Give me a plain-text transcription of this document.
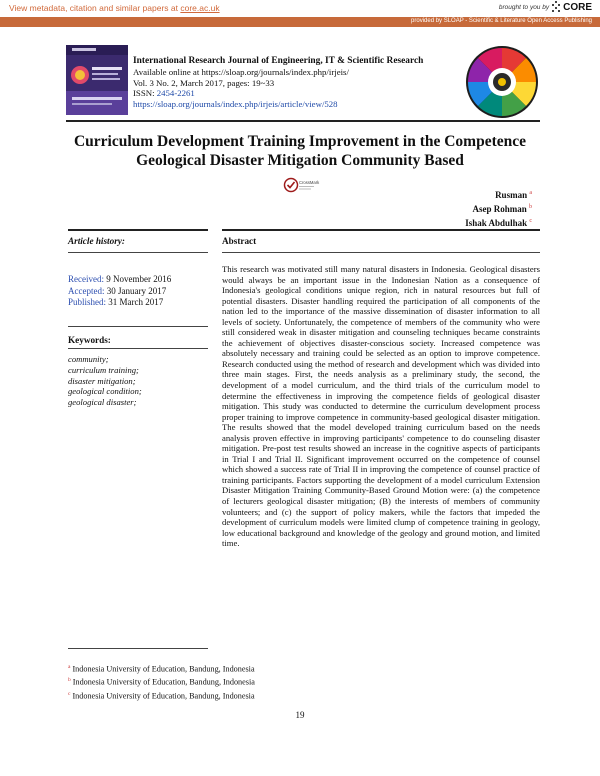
View metadata, citation and similar papers at core.ac.uk	brought to you by CORE
provided by SLOAP - Scientific & Literature Open Access Publishing
International Research Journal of Engineering, IT & Scientific Research
Available online at https://sloap.org/journals/index.php/irjeis/
Vol. 3 No. 2, March 2017, pages: 19~33
ISSN: 2454-2261
https://sloap.org/journals/index.php/irjeis/article/view/528
Curriculum Development Training Improvement in the Competence
Geological Disaster Mitigation Community Based
CrossMark
Rusman $^a$
Asep Rohman $^b$
Ishak Abdulhak $^c$
Article history:
Received: 9 November 2016
Accepted: 30 January 2017
Published: 31 March 2017
Keywords:
community;
curriculum training;
disaster mitigation;
geological condition;
geological disaster;
Abstract
This research was motivated still many natural disasters in Indonesia. Geological disasters would always be an important issue in the Indonesian Nation as a consequence of Indonesia's geological conditions unique region, rich in natural resources but full of potential disasters. Disaster handling required the participation of all components of the nation led to the importance of the massive dissemination of disaster information to all levels of society. Unfortunately, the competence of members of the community who were still considered weak in disaster mitigation and counseling techniques became constraints the achievement of objectives disaster-conscious society. Increased competence was absolutely necessary and training could be selected as an option to improve competence. Research conducted using the method of research and development which was divided into three main stages. First, the needs analysis as a preliminary study, the second, the development of a model curriculum, and the third trials of the curriculum model to determine the effectiveness in improving the competence fields of geological disaster mitigation. This study was conducted to determine the curriculum development process proper training to improve competence in community-based geological disaster mitigation. The results showed that the model developed training curriculum based on the needs analysis proven effective in improving participants' competence to do counseling disaster mitigation. Pre-post test results showed an increase in the cognitive aspects of participants in Trial I and Trial II. Significant improvement occurred on the competence of counsel which showed a success rate of Trial II in improving the competence of counsel practice of training participants. Factors supporting the development of a model curriculum Extension Disaster Mitigation Training Community-Based Ground Motion were: (a) the competence of lecturers geological disaster mitigation; (B) the interests of members of community volunteers; and (c) the support of policy makers, while the factors that impeded the development of curriculum models were limited clump of competence training in geology, low educational background and knowledge of the geology and ground motion, and limited time.
$^a$ Indonesia University of Education, Bandung, Indonesia
$^b$ Indonesia University of Education, Bandung, Indonesia
$^c$ Indonesia University of Education, Bandung, Indonesia
19
